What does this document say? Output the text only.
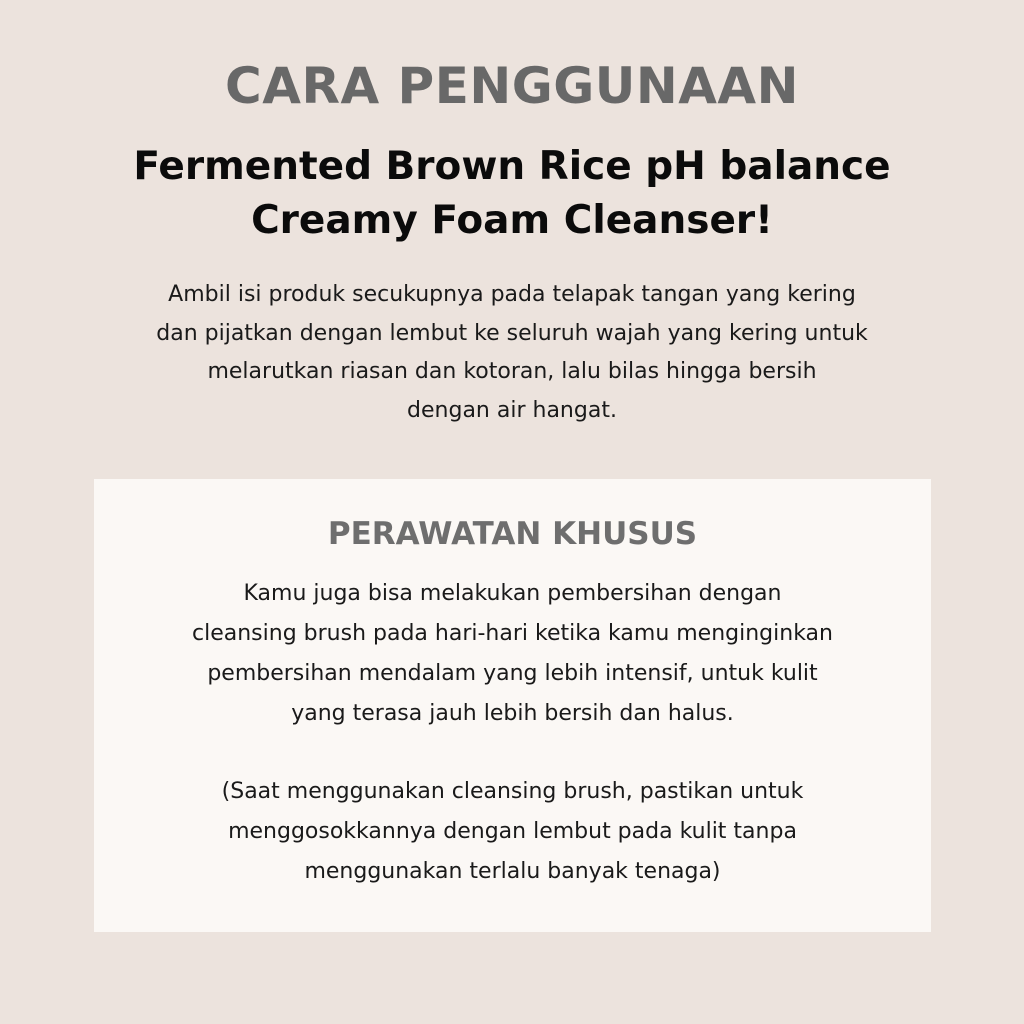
CARA PENGGUNAAN
Fermented Brown Rice pH balance
Creamy Foam Cleanser!

Ambil isi produk secukupnya pada telapak tangan yang kering
dan pijatkan dengan lembut ke seluruh wajah yang kering untuk
melarutkan riasan dan kotoran, lalu bilas hingga bersih
dengan air hangat.

PERAWATAN KHUSUS

Kamu juga bisa melakukan pembersihan dengan
cleansing brush pada hari-hari ketika kamu menginginkan
pembersihan mendalam yang lebih intensif, untuk kulit
yang terasa jauh lebih bersih dan halus.

(Saat menggunakan cleansing brush, pastikan untuk
menggosokkannya dengan lembut pada kulit tanpa
menggunakan terlalu banyak tenaga)
